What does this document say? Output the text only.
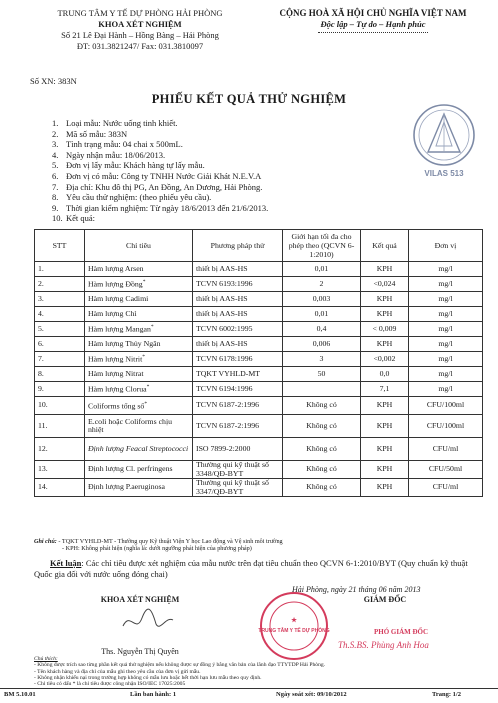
TRUNG TÂM Y TẾ DỰ PHÒNG HẢI PHÒNG
KHOA XÉT NGHIỆM
Số 21 Lê Đại Hành – Hồng Bàng – Hải Phòng
ĐT: 031.3821247/ Fax: 031.3810097
CỘNG HOÀ XÃ HỘI CHỦ NGHĨA VIỆT NAM
Độc lập – Tự do – Hạnh phúc
Số XN: 383N
PHIẾU KẾT QUẢ THỬ NGHIỆM
1. Loại mẫu: Nước uống tinh khiết.
2. Mã số mẫu: 383N
3. Tình trạng mẫu: 04 chai x 500mL.
4. Ngày nhận mẫu: 18/06/2013.
5. Đơn vị lấy mẫu: Khách hàng tự lấy mẫu.
6. Đơn vị có mẫu: Công ty TNHH Nước Giải Khát N.E.V.A
7. Địa chỉ: Khu đô thị PG, An Đồng, An Dương, Hải Phòng.
8. Yêu cầu thử nghiệm: (theo phiếu yêu cầu).
9. Thời gian kiểm nghiệm: Từ ngày 18/6/2013 đến 21/6/2013.
10. Kết quả:
VILAS 513
STT	Chỉ tiêu	Phương pháp thử	Giới hạn tối đa cho phép theo (QCVN 6-1:2010)	Kết quả	Đơn vị
1.	Hàm lượng Arsen	thiết bị AAS-HS	0,01	KPH	mg/l
2.	Hàm lượng Đồng*	TCVN 6193:1996	2	<0,024	mg/l
3.	Hàm lượng Cadimi	thiết bị AAS-HS	0,003	KPH	mg/l
4.	Hàm lượng Chì	thiết bị AAS-HS	0,01	KPH	mg/l
5.	Hàm lượng Mangan*	TCVN 6002:1995	0,4	< 0,009	mg/l
6.	Hàm lượng Thủy Ngân	thiết bị AAS-HS	0,006	KPH	mg/l
7.	Hàm lượng Nitrit*	TCVN 6178:1996	3	<0,002	mg/l
8.	Hàm lượng Nitrat	TQKT VYHLD-MT	50	0,0	mg/l
9.	Hàm lượng Clorua*	TCVN 6194:1996		7,1	mg/l
10.	Coliforms tổng số*	TCVN 6187-2:1996	Không có	KPH	CFU/100ml
11.	E.coli hoặc Coliforms chịu nhiệt	TCVN 6187-2:1996	Không có	KPH	CFU/100ml
12.	Định lượng Feacal Streptococci	ISO 7899-2:2000	Không có	KPH	CFU/ml
13.	Định lượng Cl. perfringens	Thường qui kỹ thuật số 3348/QĐ-BYT	Không có	KPH	CFU/50ml
14.	Định lượng P.aeruginosa	Thường qui kỹ thuật số 3347/QĐ-BYT	Không có	KPH	CFU/ml
Ghi chú: - TQKT VYHLD-MT - Thường quy Kỹ thuật Viện Y học Lao động và Vệ sinh môi trường
- KPH: Không phát hiện (nghĩa là: dưới ngưỡng phát hiện của phương pháp)
Kết luận: Các chỉ tiêu được xét nghiệm của mẫu nước trên đạt tiêu chuẩn theo QCVN 6-1:2010/BYT (Quy chuẩn kỹ thuật Quốc gia đối với nước uống đóng chai)
Hải Phòng, ngày 21 tháng 06 năm 2013
KHOA XÉT NGHIỆM
Ths. Nguyễn Thị Quyên
GIÁM ĐỐC
★
TRUNG TÂM Y TẾ DỰ PHÒNG	PHÓ GIÁM ĐỐC
Th.S.BS. Phùng Anh Hoa
Chú thích:
- Không được trích sao từng phần kết quả thử nghiệm nếu không được sự đồng ý bằng văn bản của lãnh đạo TTYTDP Hải Phòng.
- Tên khách hàng và địa chỉ của mẫu ghi theo yêu cầu của đơn vị gửi mẫu.
- Không nhận khiếu nại trong trường hợp không có mẫu lưu hoặc hết thời hạn lưu mẫu theo quy định.
- Chỉ tiêu có dấu * là chỉ tiêu được công nhận ISO/IEC 17025:2005
BM 5.10.01	Lần ban hành: 1	Ngày soát xét: 09/10/2012	Trang: 1/2
